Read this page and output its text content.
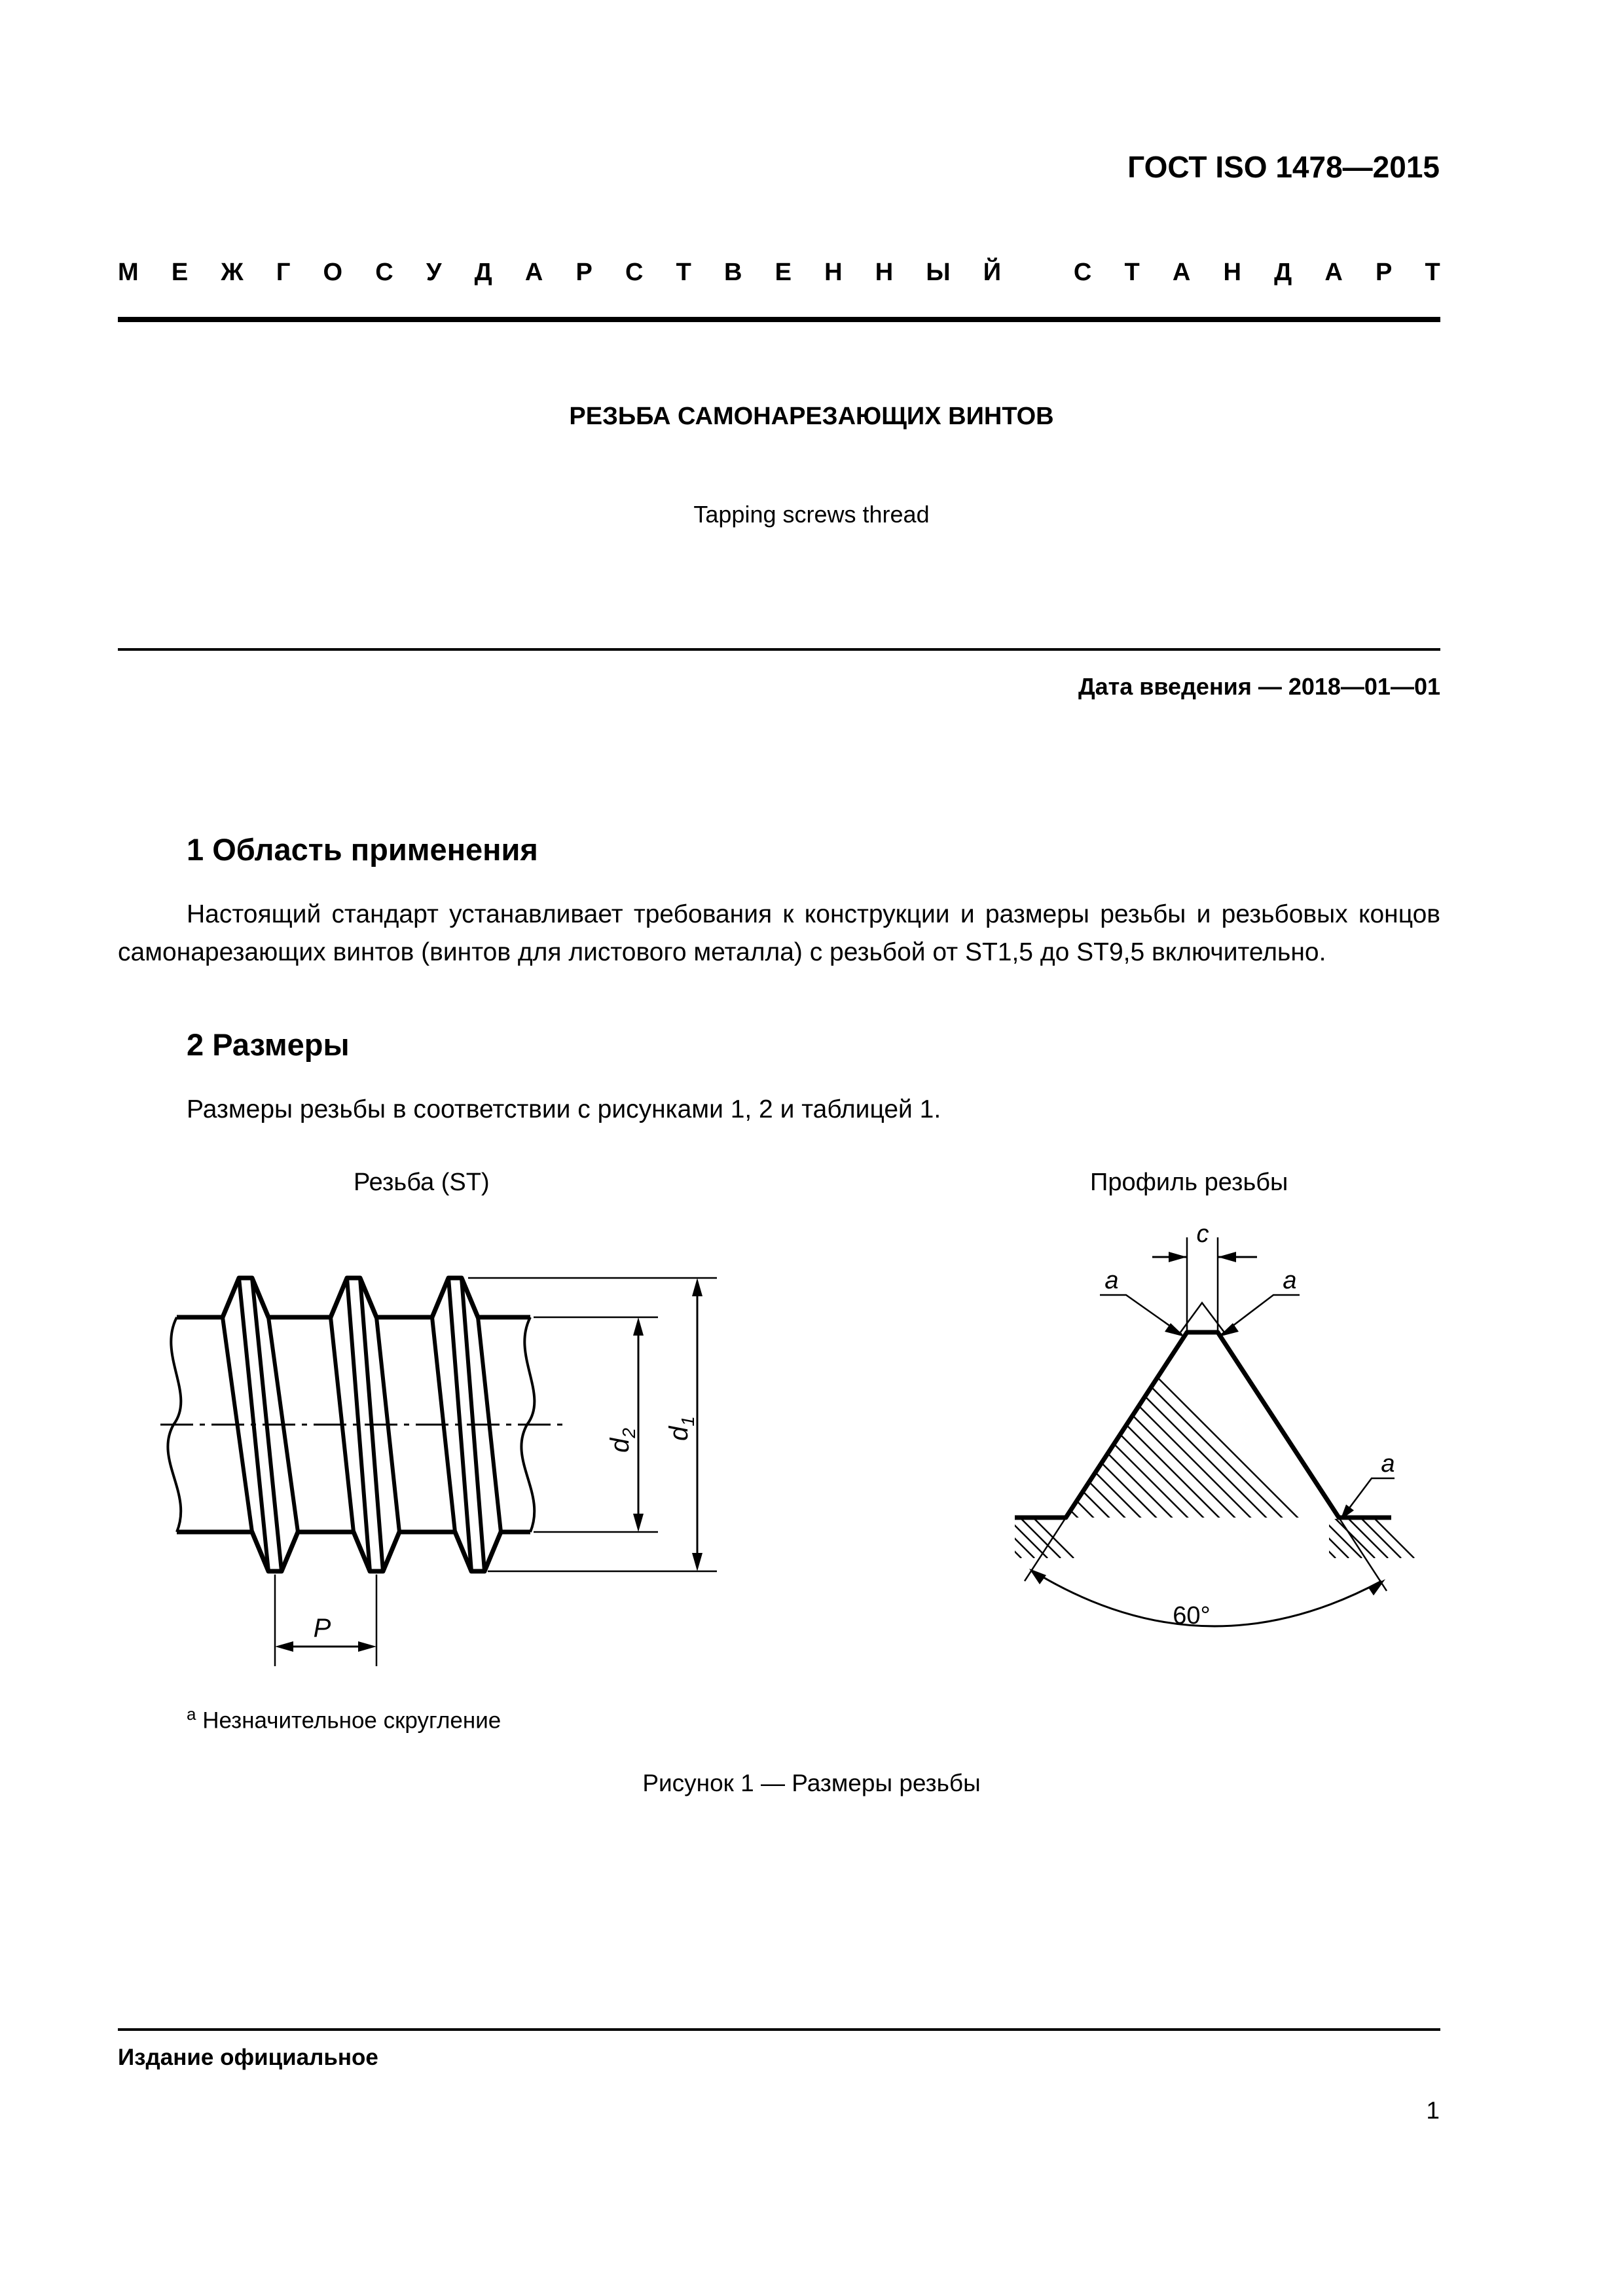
ГОСТ ISO 1478—2015
М Е Ж Г О С У Д А Р С Т В Е Н Н Ы Й
	С Т А Н Д А Р Т
РЕЗЬБА САМОНАРЕЗАЮЩИХ ВИНТОВ
Tapping screws thread
Дата введения — 2018—01—01
1 Область применения

Настоящий стандарт устанавливает требования к конструкции и размеры резьбы и резьбовых концов самонарезающих винтов (винтов для листового металла) с резьбой от ST1,5 до ST9,5 включительно.

2 Размеры

Размеры резьбы в соответствии с рисунками 1, 2 и таблицей 1.

Резьба (ST)	Профиль резьбы
P
$d_2$ $d_1$
60°
c
a	a
a
$^a$ Незначительное скругление
Рисунок 1 — Размеры резьбы
Издание официальное
1
